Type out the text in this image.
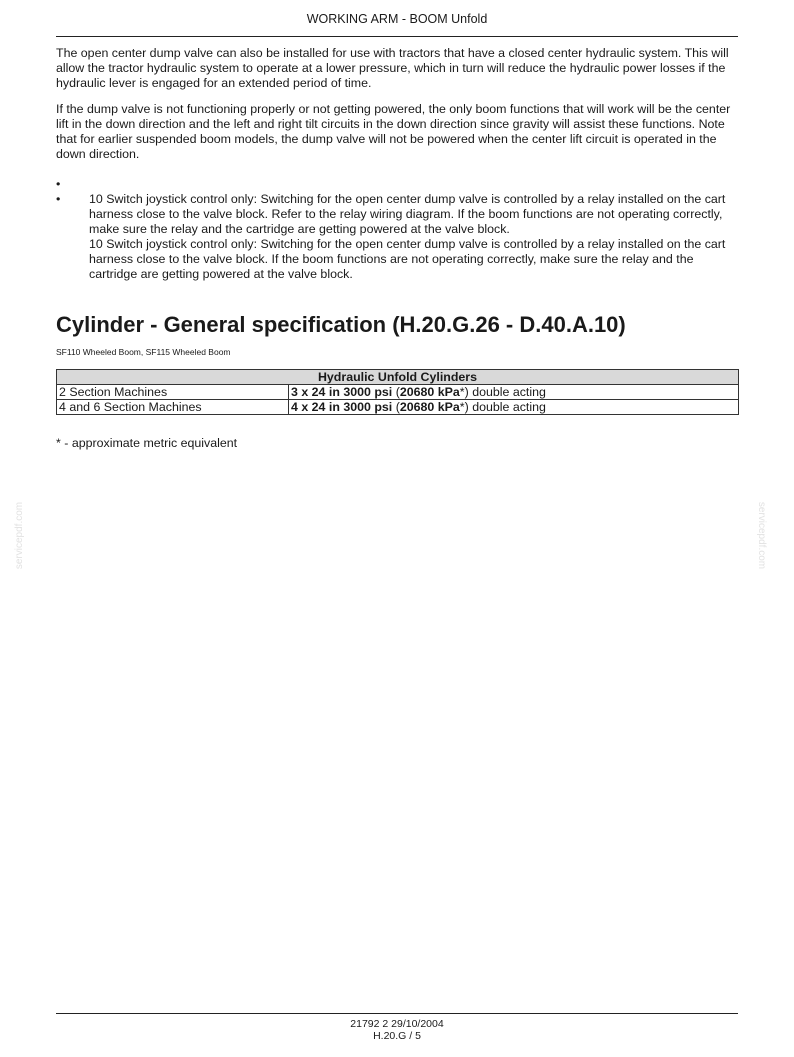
WORKING ARM - BOOM Unfold

The open center dump valve can also be installed for use with tractors that have a closed center hydraulic system. This will allow the tractor hydraulic system to operate at a lower pressure, which in turn will reduce the hydraulic power losses if the hydraulic lever is engaged for an extended period of time.

If the dump valve is not functioning properly or not getting powered, the only boom functions that will work will be the center lift in the down direction and the left and right tilt circuits in the down direction since gravity will assist these functions. Note that for earlier suspended boom models, the dump valve will not be powered when the center lift circuit is operated in the down direction.

•
•	10 Switch joystick control only: Switching for the open center dump valve is controlled by a relay installed on the cart harness close to the valve block. Refer to the relay wiring diagram. If the boom functions are not operating correctly, make sure the relay and the cartridge are getting powered at the valve block.

10 Switch joystick control only: Switching for the open center dump valve is controlled by a relay installed on the cart harness close to the valve block. If the boom functions are not operating correctly, make sure the relay and the cartridge are getting powered at the valve block.

Cylinder - General specification (H.20.G.26 - D.40.A.10)
SF110 Wheeled Boom, SF115 Wheeled Boom
Hydraulic Unfold Cylinders	
2 Section Machines	3 x 24 in 3000 psi (20680 kPa*) double acting
4 and 6 Section Machines	4 x 24 in 3000 psi (20680 kPa*) double acting
* - approximate metric equivalent
servicepdf.com	servicepdf.com
21792 2 29/10/2004
H.20.G / 5
